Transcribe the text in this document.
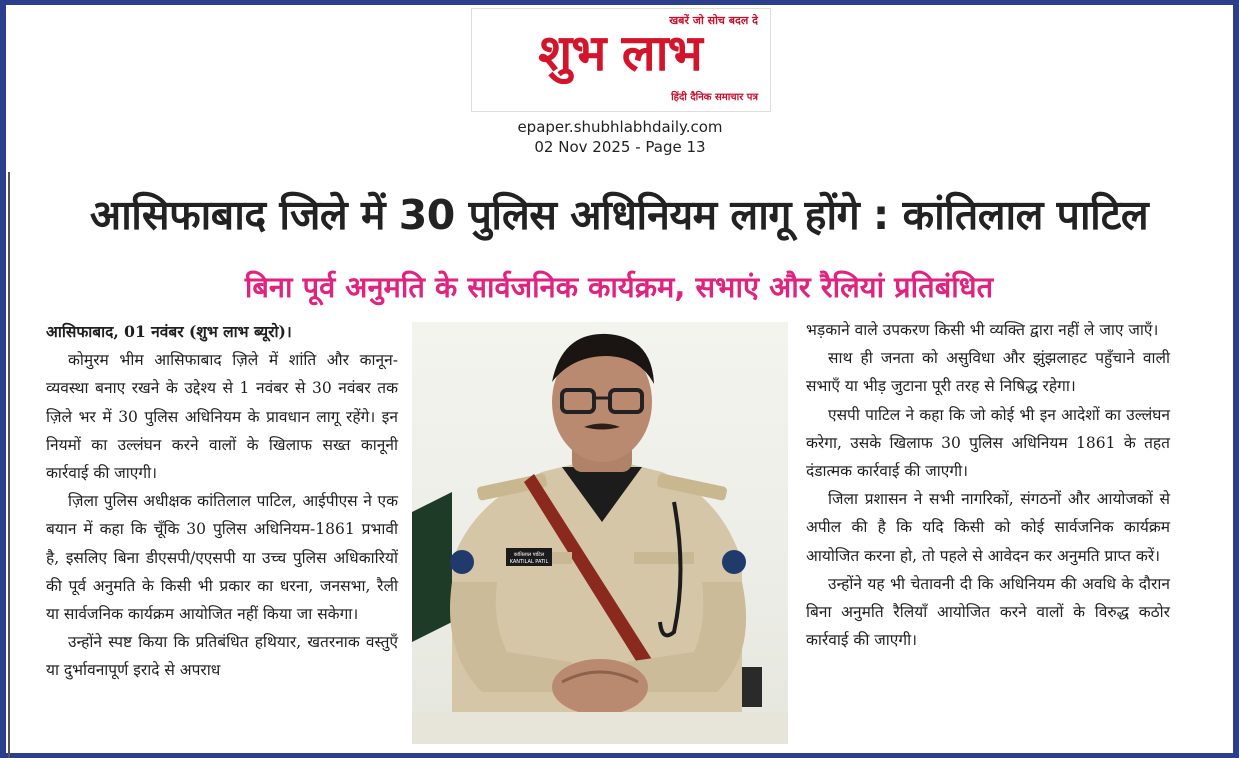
खबरें जो सोच बदल दे
शुभ लाभ
हिंदी दैनिक समाचार पत्र
epaper.shubhlabhdaily.com
02 Nov 2025 - Page 13
आसिफाबाद जिले में 30 पुलिस अधिनियम लागू होंगे : कांतिलाल पाटिल
बिना पूर्व अनुमति के सार्वजनिक कार्यक्रम, सभाएं और रैलियां प्रतिबंधित

आसिफाबाद, 01 नवंबर (शुभ लाभ ब्यूरो)।

कोमुरम भीम आसिफाबाद ज़िले में शांति और कानून-व्यवस्था बनाए रखने के उद्देश्य से 1 नवंबर से 30 नवंबर तक ज़िले भर में 30 पुलिस अधिनियम के प्रावधान लागू रहेंगे। इन नियमों का उल्लंघन करने वालों के खिलाफ सख्त कानूनी कार्रवाई की जाएगी।

ज़िला पुलिस अधीक्षक कांतिलाल पाटिल, आईपीएस ने एक बयान में कहा कि चूँकि 30 पुलिस अधिनियम-1861 प्रभावी है, इसलिए बिना डीएसपी/एएसपी या उच्च पुलिस अधिकारियों की पूर्व अनुमति के किसी भी प्रकार का धरना, जनसभा, रैली या सार्वजनिक कार्यक्रम आयोजित नहीं किया जा सकेगा।

उन्होंने स्पष्ट किया कि प्रतिबंधित हथियार, खतरनाक वस्तुएँ या दुर्भावनापूर्ण इरादे से अपराध

कांतिलाल पाटिल
KANTILAL PATIL

भड़काने वाले उपकरण किसी भी व्यक्ति द्वारा नहीं ले जाए जाएँ।

साथ ही जनता को असुविधा और झुंझलाहट पहुँचाने वाली सभाएँ या भीड़ जुटाना पूरी तरह से निषिद्ध रहेगा।

एसपी पाटिल ने कहा कि जो कोई भी इन आदेशों का उल्लंघन करेगा, उसके खिलाफ 30 पुलिस अधिनियम 1861 के तहत दंडात्मक कार्रवाई की जाएगी।

जिला प्रशासन ने सभी नागरिकों, संगठनों और आयोजकों से अपील की है कि यदि किसी को कोई सार्वजनिक कार्यक्रम आयोजित करना हो, तो पहले से आवेदन कर अनुमति प्राप्त करें।

उन्होंने यह भी चेतावनी दी कि अधिनियम की अवधि के दौरान बिना अनुमति रैलियाँ आयोजित करने वालों के विरुद्ध कठोर कार्रवाई की जाएगी।
